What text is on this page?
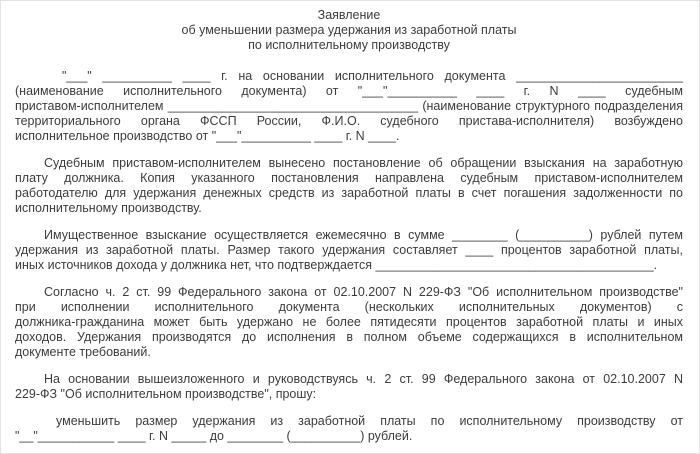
Заявление
об уменьшении размера удержания из заработной платы
по исполнительному производству
"___" __________ ____ г. на основании исполнительного документа ________________________
(наименование исполнительного документа) от "___"__________ ____ г. N ____ судебным
приставом-исполнителем ____________________________________ (наименование структурного подразделения
территориального органа ФССП России, Ф.И.О. судебного пристава-исполнителя) возбуждено
исполнительное производство от "___"__________ ____ г. N ____.
Судебным приставом-исполнителем вынесено постановление об обращении взыскания на заработную
плату должника. Копия указанного постановления направлена судебным приставом-исполнителем
работодателю для удержания денежных средств из заработной платы в счет погашения задолженности по
исполнительному производству.
Имущественное взыскание осуществляется ежемесячно в сумме ________ (__________) рублей путем
удержания из заработной платы. Размер такого удержания составляет ____ процентов заработной платы,
иных источников дохода у должника нет, что подтверждается ________________________________________.
Согласно ч. 2 ст. 99 Федерального закона от 02.10.2007 N 229-ФЗ "Об исполнительном производстве"
при исполнении исполнительного документа (нескольких исполнительных документов) с
должника-гражданина может быть удержано не более пятидесяти процентов заработной платы и иных
доходов. Удержания производятся до исполнения в полном объеме содержащихся в исполнительном
документе требований.
На основании вышеизложенного и руководствуясь ч. 2 ст. 99 Федерального закона от 02.10.2007 N
229-ФЗ "Об исполнительном производстве", прошу:
уменьшить размер удержания из заработной платы по исполнительному производству от
"__"___________ ____ г. N _____ до ________ (__________) рублей.
